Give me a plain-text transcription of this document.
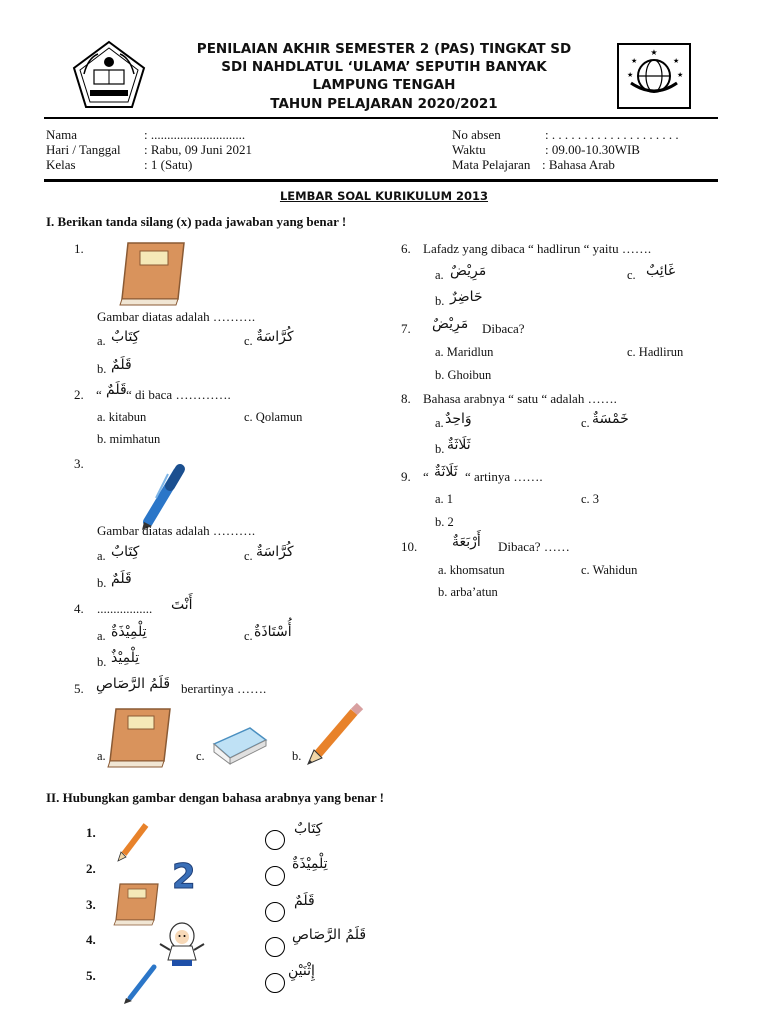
★
★	★
★	★
PENILAIAN AKHIR SEMESTER 2 (PAS) TINGKAT SD
SDI NAHDLATUL ‘ULAMA’ SEPUTIH BANYAK
LAMPUNG TENGAH
TAHUN PELAJARAN 2020/2021
Nama	: .............................
Hari / Tanggal : Rabu, 09 Juni 2021
Kelas	: 1 (Satu)
No absen	: . . . . . . . . . . . . . . . . . . . .
Waktu	: 09.00-10.30WIB
Mata Pelajaran : Bahasa Arab
LEMBAR SOAL KURIKULUM 2013
I. Berikan tanda silang (x) pada jawaban yang benar !
1.
Gambar diatas adalah ……….
a. كِتَابٌ	c. كُرَّاسَةٌ
b. قَلَمٌ
2. “ قَلَمٌ “ di baca ………….
a. kitabun	c. Qolamun
b. mimhatun
3.
Gambar diatas adalah ……….
a. كِتَابٌ	c. كُرَّاسَةٌ
b. قَلَمٌ
4. ................. أَنْتَ
a. تِلْمِيْذَةٌ	c. أُسْتَاذَةٌ
b. تِلْمِيْذٌ
5. قَلَمُ الرَّصَاصِ berartinya …….
a.	c.	b.
6. Lafadz yang dibaca “ hadlirun “ yaitu …….
a. مَرِيْضٌ	c. غَائِبٌ
b. حَاضِرٌ
7. مَرِيْضٌ Dibaca?
a. Maridlun	c. Hadlirun
b. Ghoibun
8. Bahasa arabnya “ satu “ adalah …….
a. وَاحِدٌ	c. خَمْسَةٌ
b. ثَلَاثَةٌ
9. “ ثَلَاثَةٌ “ artinya …….
a. 1	c. 3
b. 2
10. أَرْبَعَةٌ Dibaca? ……
a. khomsatun	c. Wahidun
b. arba’atun
II. Hubungkan gambar dengan bahasa arabnya yang benar !
1.
2.
3.
4.
5.
2
كِتَابٌ
تِلْمِيْذَةٌ
قَلَمٌ
قَلَمُ الرَّصَاصِ
إِثْنَيْنِ
